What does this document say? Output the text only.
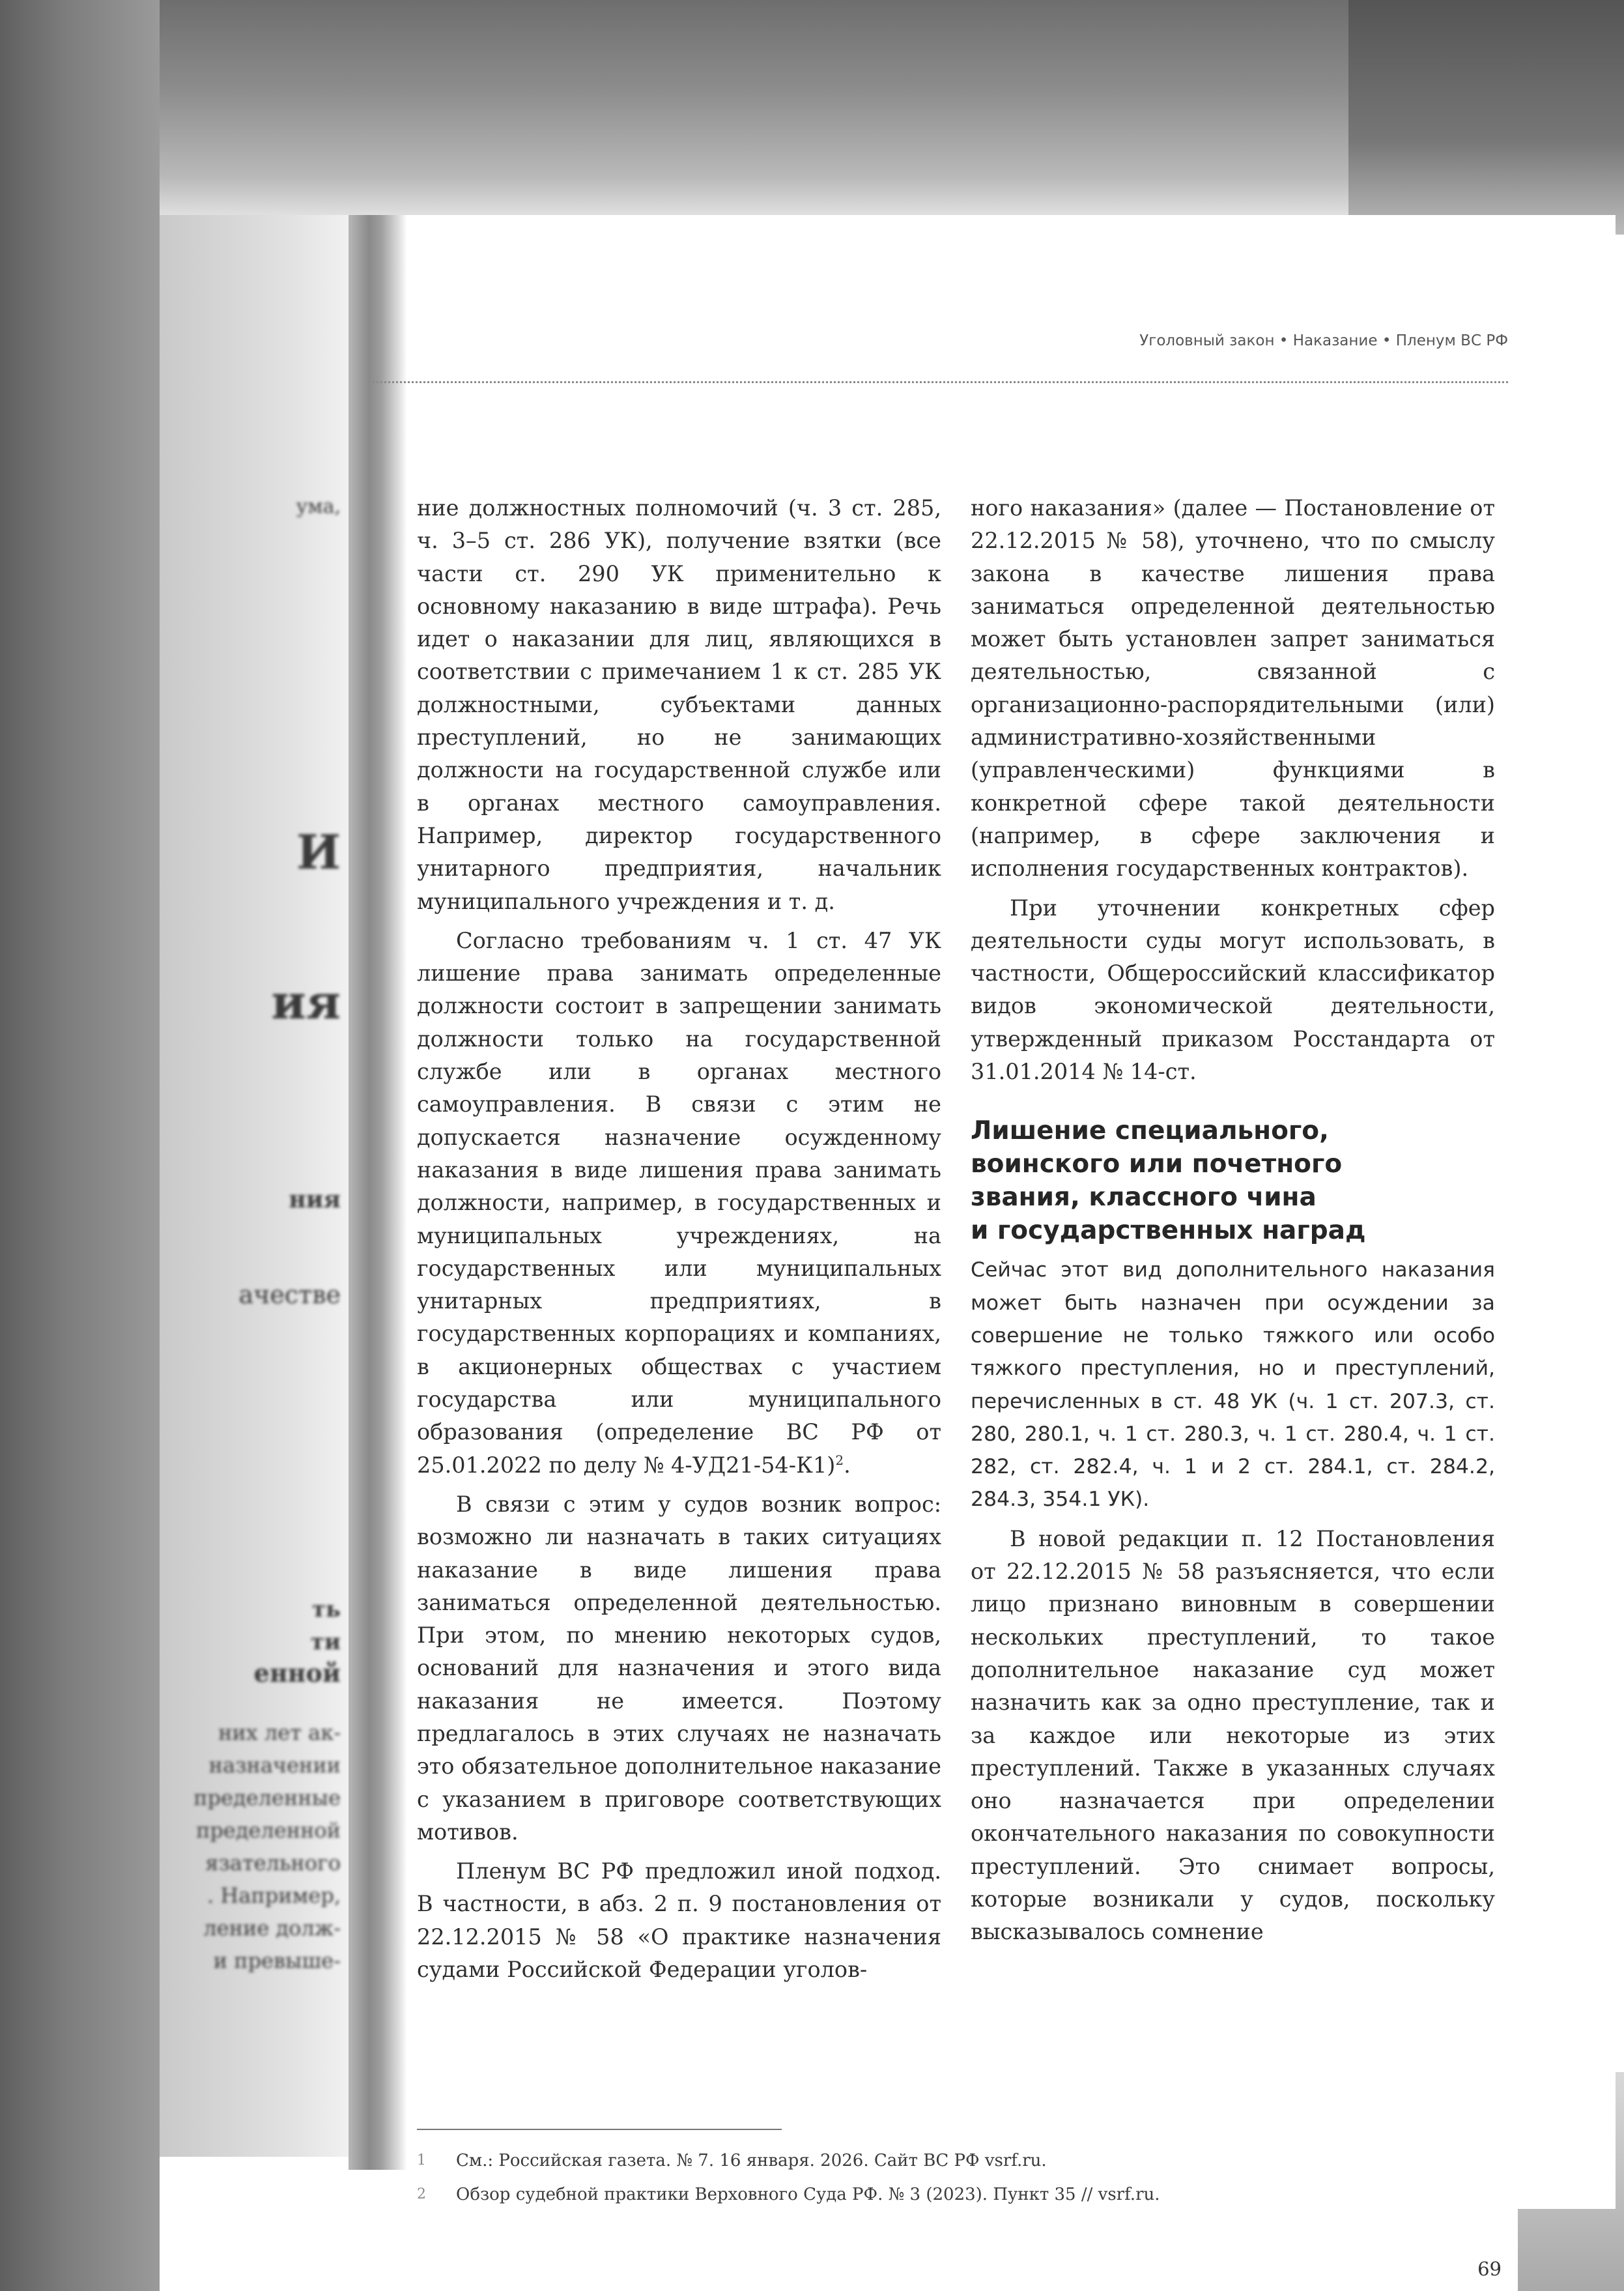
ума,
И
ия
ния
ачестве
ть
ти
енной
них лет ак-
назначении
пределенные
пределенной
язательного
. Например,
ление долж-
и превыше-
Уголовный закон • Наказание • Пленум ВС РФ

ние должностных полномочий (ч. 3 ст. 285, ч. 3–5 ст. 286 УК), получение взятки (все части ст. 290 УК применительно к основному наказанию в виде штрафа). Речь идет о наказании для лиц, являющихся в соответствии с примечанием 1 к ст. 285 УК должностными, субъектами данных преступлений, но не занимающих должности на государственной службе или в органах местного самоуправления. Например, директор государственного унитарного предприятия, начальник муниципального учреждения и т. д.

Согласно требованиям ч. 1 ст. 47 УК лишение права занимать определенные должности состоит в запрещении занимать должности только на государственной службе или в органах местного самоуправления. В связи с этим не допускается назначение осужденному наказания в виде лишения права занимать должности, например, в государственных и муниципальных учреждениях, на государственных или муниципальных унитарных предприятиях, в государственных корпорациях и компаниях, в акционерных обществах с участием государства или муниципального образования (определение ВС РФ от 25.01.2022 по делу № 4-УД21-54-К1)$^2$.

В связи с этим у судов возник вопрос: возможно ли назначать в таких ситуациях наказание в виде лишения права заниматься определенной деятельностью. При этом, по мнению некоторых судов, оснований для назначения и этого вида наказания не имеется. Поэтому предлагалось в этих случаях не назначать это обязательное дополнительное наказание с указанием в приговоре соответствующих мотивов.

Пленум ВС РФ предложил иной подход. В частности, в абз. 2 п. 9 постановления от 22.12.2015 № 58 «О практике назначения судами Российской Федерации уголов-

ного наказания» (далее — Постановление от 22.12.2015 № 58), уточнено, что по смыслу закона в качестве лишения права заниматься определенной деятельностью может быть установлен запрет заниматься деятельностью, связанной с организационно-распорядительными (или) административно-хозяйственными (управленческими) функциями в конкретной сфере такой деятельности (например, в сфере заключения и исполнения государственных контрактов).

При уточнении конкретных сфер деятельности суды могут использовать, в частности, Общероссийский классификатор видов экономической деятельности, утвержденный приказом Росстандарта от 31.01.2014 № 14-ст.

Лишение специального,
воинского или почетного
звания, классного чина
и государственных наград

Сейчас этот вид дополнительного наказания может быть назначен при осуждении за совершение не только тяжкого или особо тяжкого преступления, но и преступлений, перечисленных в ст. 48 УК (ч. 1 ст. 207.3, ст. 280, 280.1, ч. 1 ст. 280.3, ч. 1 ст. 280.4, ч. 1 ст. 282, ст. 282.4, ч. 1 и 2 ст. 284.1, ст. 284.2, 284.3, 354.1 УК).

В новой редакции п. 12 Постановления от 22.12.2015 № 58 разъясняется, что если лицо признано виновным в совершении нескольких преступлений, то такое дополнительное наказание суд может назначить как за одно преступление, так и за каждое или некоторые из этих преступлений. Также в указанных случаях оно назначается при определении окончательного наказания по совокупности преступлений. Это снимает вопросы, которые возникали у судов, поскольку высказывалось сомнение

1	См.: Российская газета. № 7. 16 января. 2026. Сайт ВС РФ vsrf.ru.
2	Обзор судебной практики Верховного Суда РФ. № 3 (2023). Пункт 35 // vsrf.ru.
69
